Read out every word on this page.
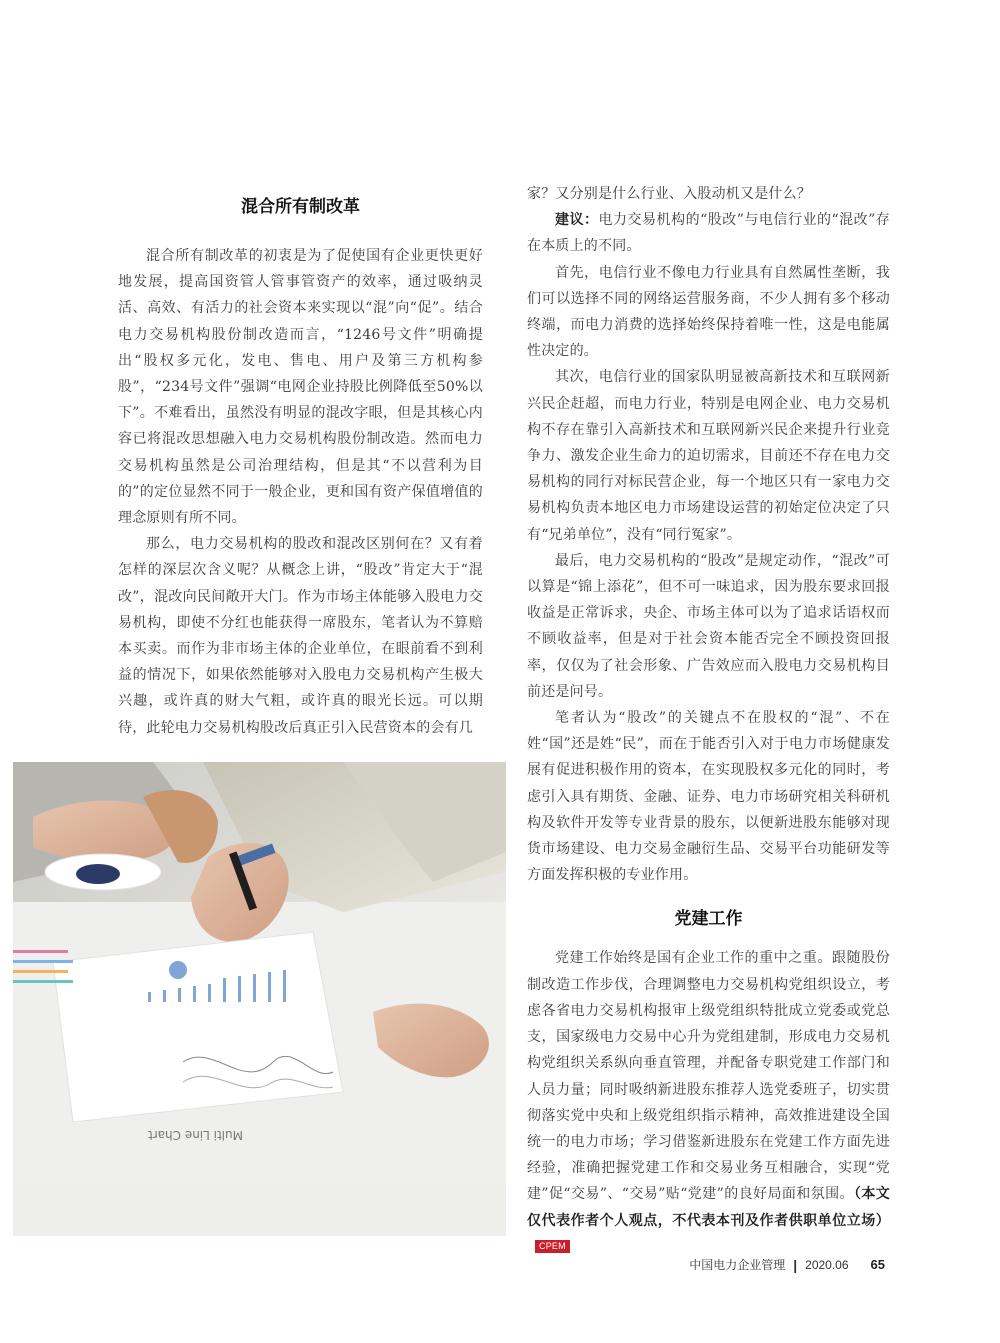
混合所有制改革

混合所有制改革的初衷是为了促使国有企业更快更好地发展，提高国资管人管事管资产的效率，通过吸纳灵活、高效、有活力的社会资本来实现以“混”向“促”。结合电力交易机构股份制改造而言，“1246号文件”明确提出“股权多元化，发电、售电、用户及第三方机构参股”，“234号文件”强调“电网企业持股比例降低至50%以下”。不难看出，虽然没有明显的混改字眼，但是其核心内容已将混改思想融入电力交易机构股份制改造。然而电力交易机构虽然是公司治理结构，但是其“不以营利为目的”的定位显然不同于一般企业，更和国有资产保值增值的理念原则有所不同。

那么，电力交易机构的股改和混改区别何在？又有着怎样的深层次含义呢？从概念上讲，“股改”肯定大于“混改”，混改向民间敞开大门。作为市场主体能够入股电力交易机构，即使不分红也能获得一席股东，笔者认为不算赔本买卖。而作为非市场主体的企业单位，在眼前看不到利益的情况下，如果依然能够对入股电力交易机构产生极大兴趣，或许真的财大气粗，或许真的眼光长远。可以期待，此轮电力交易机构股改后真正引入民营资本的会有几

Multi Line Chart

家？又分别是什么行业、入股动机又是什么？

建议：电力交易机构的“股改”与电信行业的“混改”存在本质上的不同。

首先，电信行业不像电力行业具有自然属性垄断，我们可以选择不同的网络运营服务商，不少人拥有多个移动终端，而电力消费的选择始终保持着唯一性，这是电能属性决定的。

其次，电信行业的国家队明显被高新技术和互联网新兴民企赶超，而电力行业，特别是电网企业、电力交易机构不存在靠引入高新技术和互联网新兴民企来提升行业竞争力、激发企业生命力的迫切需求，目前还不存在电力交易机构的同行对标民营企业，每一个地区只有一家电力交易机构负责本地区电力市场建设运营的初始定位决定了只有“兄弟单位”，没有“同行冤家”。

最后，电力交易机构的“股改”是规定动作，“混改”可以算是“锦上添花”，但不可一味追求，因为股东要求回报收益是正常诉求，央企、市场主体可以为了追求话语权而不顾收益率，但是对于社会资本能否完全不顾投资回报率，仅仅为了社会形象、广告效应而入股电力交易机构目前还是问号。

笔者认为“股改”的关键点不在股权的“混”、不在姓“国”还是姓“民”，而在于能否引入对于电力市场健康发展有促进积极作用的资本，在实现股权多元化的同时，考虑引入具有期货、金融、证券、电力市场研究相关科研机构及软件开发等专业背景的股东，以便新进股东能够对现货市场建设、电力交易金融衍生品、交易平台功能研发等方面发挥积极的专业作用。

党建工作

党建工作始终是国有企业工作的重中之重。跟随股份制改造工作步伐，合理调整电力交易机构党组织设立，考虑各省电力交易机构报审上级党组织特批成立党委或党总支，国家级电力交易中心升为党组建制，形成电力交易机构党组织关系纵向垂直管理，并配备专职党建工作部门和人员力量；同时吸纳新进股东推荐人选党委班子，切实贯彻落实党中央和上级党组织指示精神，高效推进建设全国统一的电力市场；学习借鉴新进股东在党建工作方面先进经验，准确把握党建工作和交易业务互相融合，实现“党建”促“交易”、“交易”贴“党建”的良好局面和氛围。（本文仅代表作者个人观点，不代表本刊及作者供职单位立场）CPEM

中国电力企业管理 | 2020.06 65
